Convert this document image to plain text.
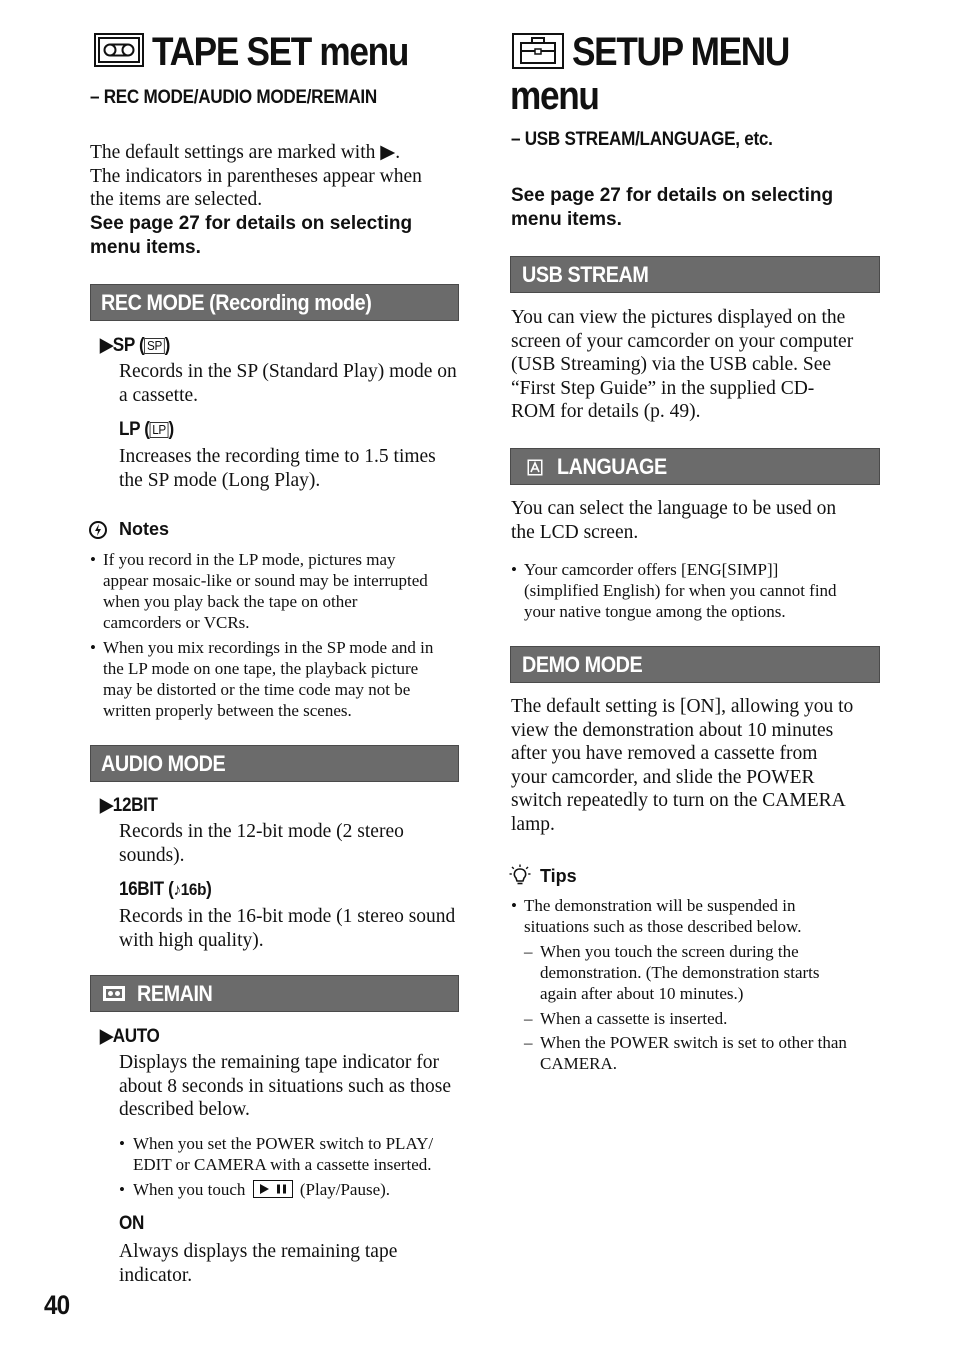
TAPE SET menu
– REC MODE/AUDIO MODE/REMAIN
The default settings are marked with ▶.
The indicators in parentheses appear when
the items are selected.
See page 27 for details on selecting
menu items.
REC MODE (Recording mode)
▶SP ( SP )
Records in the SP (Standard Play) mode on
a cassette.
LP ( LP )
Increases the recording time to 1.5 times
the SP mode (Long Play).
Notes
• If you record in the LP mode, pictures may
appear mosaic-like or sound may be interrupted
when you play back the tape on other
camcorders or VCRs.
• When you mix recordings in the SP mode and in
the LP mode on one tape, the playback picture
may be distorted or the time code may not be
written properly between the scenes.
AUDIO MODE
▶12BIT
Records in the 12-bit mode (2 stereo
sounds).
16BIT (♪16b)
Records in the 16-bit mode (1 stereo sound
with high quality).
REMAIN
▶AUTO
Displays the remaining tape indicator for
about 8 seconds in situations such as those
described below.
• When you set the POWER switch to PLAY/
EDIT or CAMERA with a cassette inserted.
• When you touch	(Play/Pause).
ON
Always displays the remaining tape
indicator.
40
SETUP MENU
menu
– USB STREAM/LANGUAGE, etc.
See page 27 for details on selecting
menu items.
USB STREAM
You can view the pictures displayed on the
screen of your camcorder on your computer
(USB Streaming) via the USB cable. See
“First Step Guide” in the supplied CD-
ROM for details (p. 49).
LANGUAGE
You can select the language to be used on
the LCD screen.
• Your camcorder offers [ENG[SIMP]]
(simplified English) for when you cannot find
your native tongue among the options.
DEMO MODE
The default setting is [ON], allowing you to
view the demonstration about 10 minutes
after you have removed a cassette from
your camcorder, and slide the POWER
switch repeatedly to turn on the CAMERA
lamp.
Tips
• The demonstration will be suspended in
situations such as those described below.
– When you touch the screen during the
demonstration. (The demonstration starts
again after about 10 minutes.)
– When a cassette is inserted.
– When the POWER switch is set to other than
CAMERA.
